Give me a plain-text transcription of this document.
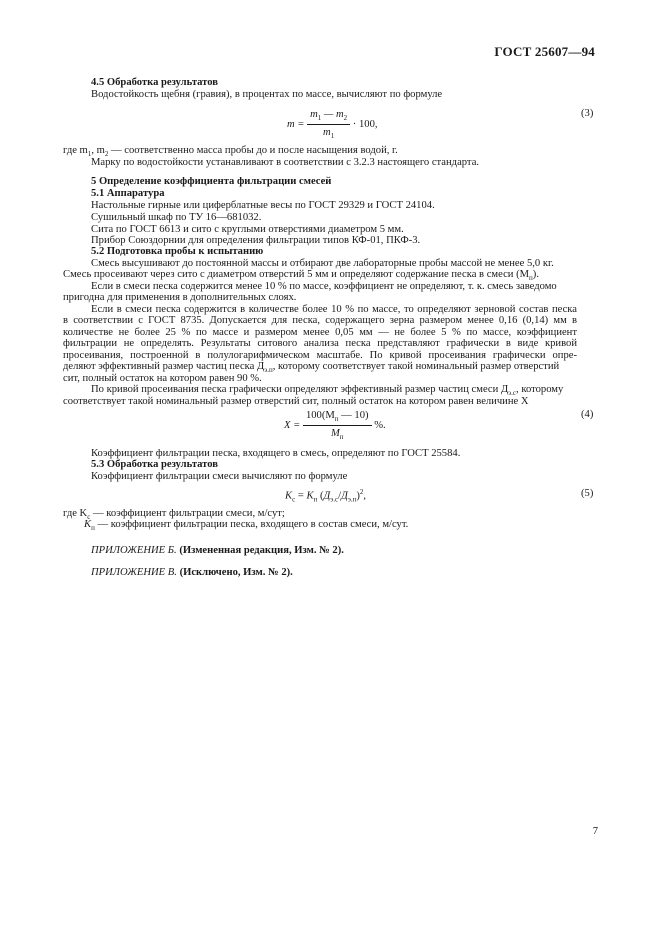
ГОСТ 25607—94
4.5 Обработка результатов
Водостойкость щебня (гравия), в процентах по массе, вычисляют по формуле
$m = \frac{m_1 — m_2}{m_1} \cdot 100$,
(3)
где $m_1$, $m_2$ — соответственно масса пробы до и после насыщения водой, г.
Марку по водостойкости устанавливают в соответствии с 3.2.3 настоящего стандарта.
5 Определение коэффициента фильтрации смесей
5.1 Аппаратура
Настольные гирные или циферблатные весы по ГОСТ 29329 и ГОСТ 24104.
Сушильный шкаф по ТУ 16—681032.
Сита по ГОСТ 6613 и сито с круглыми отверстиями диаметром 5 мм.
Прибор Союздорнии для определения фильтрации типов КФ-01, ПКФ-3.
5.2 Подготовка пробы к испытанию
Смесь высушивают до постоянной массы и отбирают две лабораторные пробы массой не менее 5,0 кг.
Смесь просеивают через сито с диаметром отверстий 5 мм и определяют содержание песка в смеси $(M_п)$.
Если в смеси песка содержится менее 10 % по массе, коэффициент не определяют, т. к. смесь заведомо
пригодна для применения в дополнительных слоях.
Если в смеси песка содержится в количестве более 10 % по массе, то определяют зерновой состав песка
в соответствии с ГОСТ 8735. Допускается для песка, содержащего зерна размером менее 0,16 (0,14) мм в
количестве не более 25 % по массе и размером менее 0,05 мм — не более 5 % по массе, коэффициент
фильтрации не определять. Результаты ситового анализа песка представляют графически в виде кривой
просеивания, построенной в полулогарифмическом масштабе. По кривой просеивания графически опре-
деляют эффективный размер частиц песка $Д_{э.п}$, которому соответствует такой номинальный размер отверстий
сит, полный остаток на котором равен 90 %.
По кривой просеивания песка графически определяют эффективный размер частиц смеси $Д_{э.с}$, которому
соответствует такой номинальный размер отверстий сит, полный остаток на котором равен величине X
$X = \frac{100(M_п — 10)}{M_п}$ %.
(4)
Коэффициент фильтрации песка, входящего в смесь, определяют по ГОСТ 25584.
5.3 Обработка результатов
Коэффициент фильтрации смеси вычисляют по формуле
$K_с = K_п$ $(Д_{э.с}/Д_{э.п})^2$,	(5)
где $K_с$ — коэффициент фильтрации смеси, м/сут;
$K_п$ — коэффициент фильтрации песка, входящего в состав смеси, м/сут.
ПРИЛОЖЕНИЕ Б. (Измененная редакция, Изм. № 2).
ПРИЛОЖЕНИЕ В. (Исключено, Изм. № 2).
7
